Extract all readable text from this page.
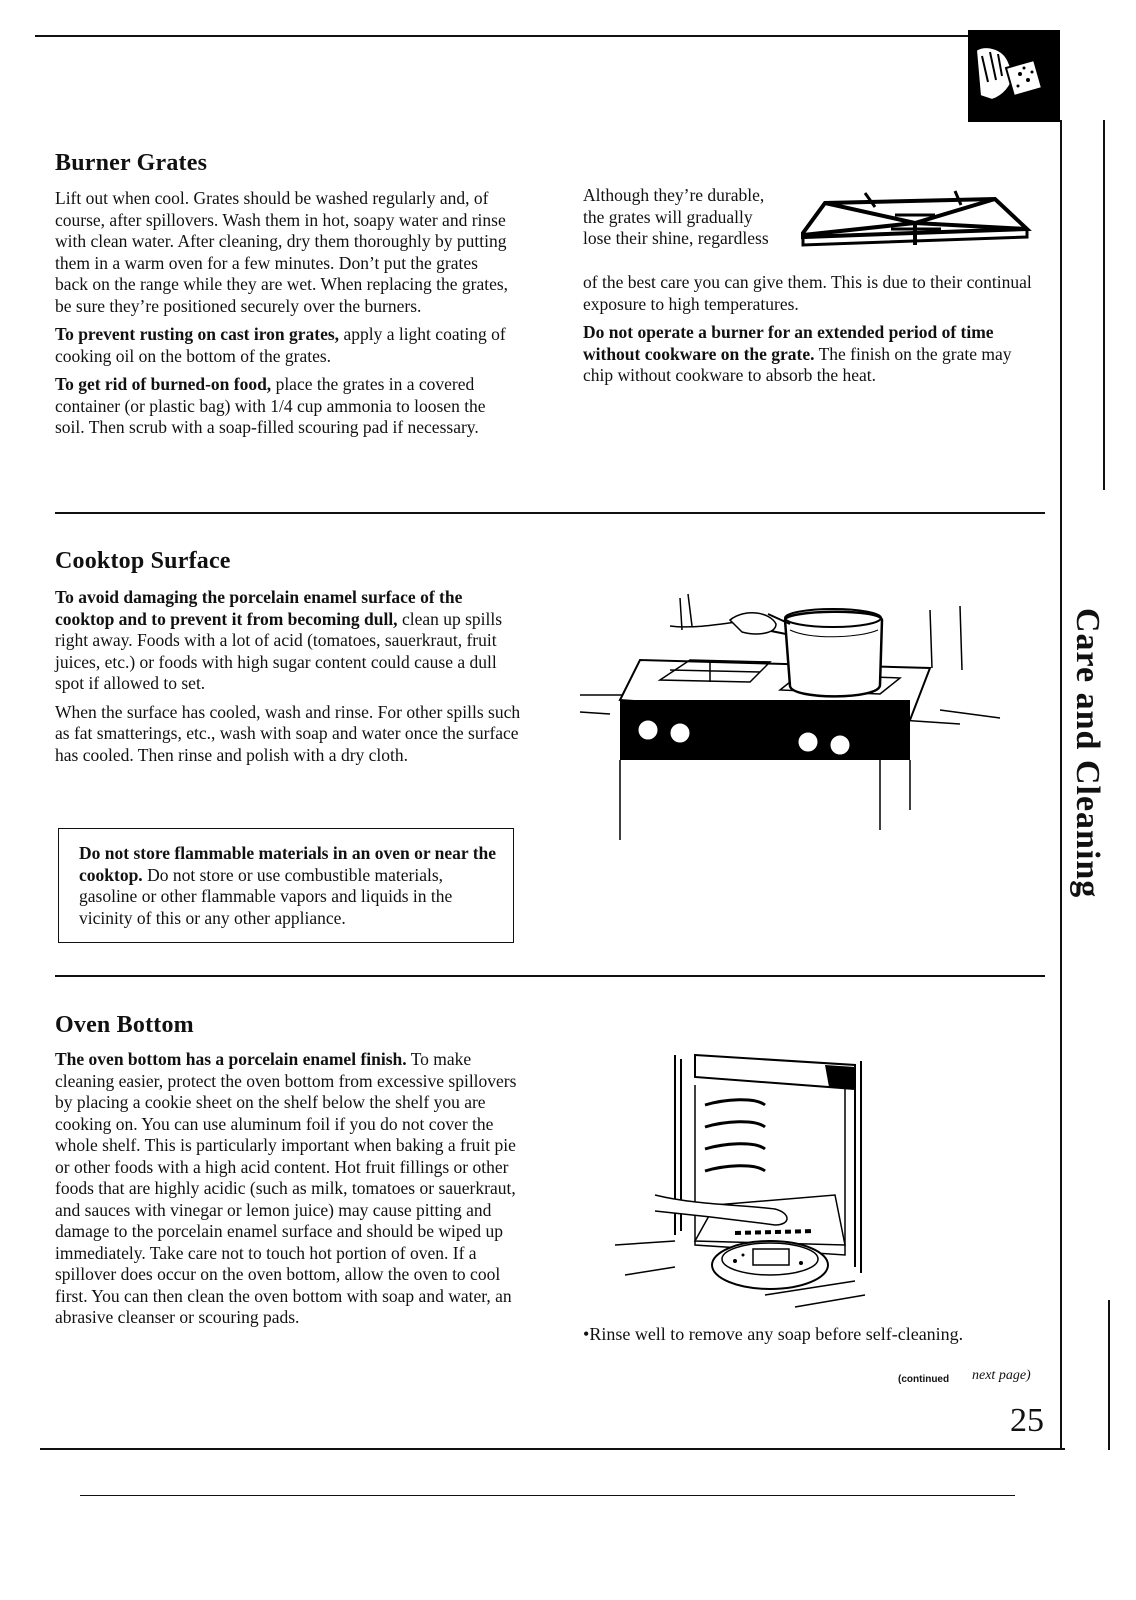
Care and Cleaning
Burner Grates

Lift out when cool. Grates should be washed regularly and, of course, after spillovers. Wash them in hot, soapy water and rinse with clean water. After cleaning, dry them thoroughly by putting them in a warm oven for a few minutes. Don’t put the grates back on the range while they are wet. When replacing the grates, be sure they’re positioned securely over the burners.

To prevent rusting on cast iron grates, apply a light coating of cooking oil on the bottom of the grates.

To get rid of burned-on food, place the grates in a covered container (or plastic bag) with 1/4 cup ammonia to loosen the soil. Then scrub with a soap-filled scouring pad if necessary.

Although they’re durable, the grates will gradually lose their shine, regardless

of the best care you can give them. This is due to their continual exposure to high temperatures.

Do not operate a burner for an extended period of time without cookware on the grate. The finish on the grate may chip without cookware to absorb the heat.

Cooktop Surface

To avoid damaging the porcelain enamel surface of the cooktop and to prevent it from becoming dull, clean up spills right away. Foods with a lot of acid (tomatoes, sauerkraut, fruit juices, etc.) or foods with high sugar content could cause a dull spot if allowed to set.

When the surface has cooled, wash and rinse. For other spills such as fat smatterings, etc., wash with soap and water once the surface has cooled. Then rinse and polish with a dry cloth.

Do not store flammable materials in an oven or near the cooktop. Do not store or use combustible materials, gasoline or other flammable vapors and liquids in the vicinity of this or any other appliance.
Oven Bottom

The oven bottom has a porcelain enamel finish. To make cleaning easier, protect the oven bottom from excessive spillovers by placing a cookie sheet on the shelf below the shelf you are cooking on. You can use aluminum foil if you do not cover the whole shelf. This is particularly important when baking a fruit pie or other foods with a high acid content. Hot fruit fillings or other foods that are highly acidic (such as milk, tomatoes or sauerkraut, and sauces with vinegar or lemon juice) may cause pitting and damage to the porcelain enamel surface and should be wiped up immediately. Take care not to touch hot portion of oven. If a spillover does occur on the oven bottom, allow the oven to cool first. You can then clean the oven bottom with soap and water, an abrasive cleanser or scouring pads.

•Rinse well to remove any soap before self-cleaning.
(continued next page)
25
